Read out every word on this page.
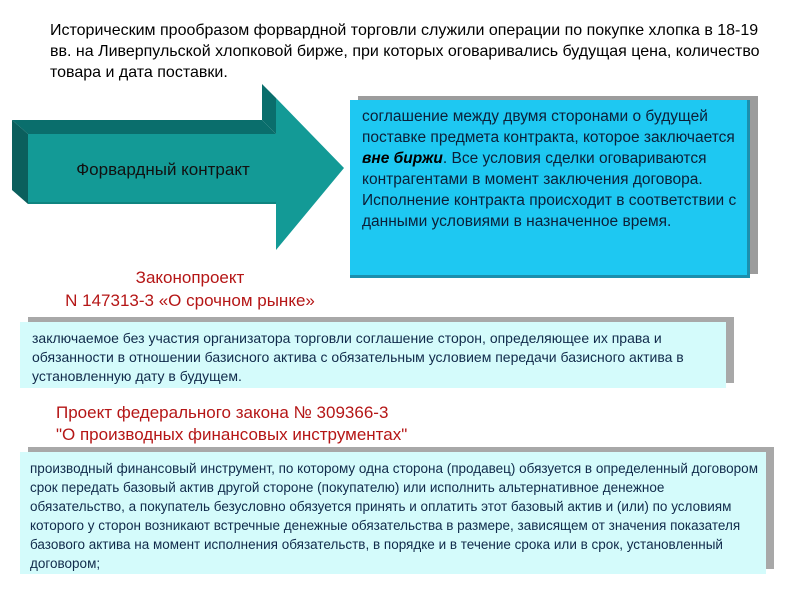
Историческим прообразом форвардной торговли служили операции по покупке хлопка в 18-19 вв. на Ливерпульской хлопковой бирже, при которых оговаривались будущая цена, количество товара и дата поставки.
Форвардный контракт
соглашение между двумя сторонами о будущей поставке предмета контракта, которое заключается вне биржи. Все условия сделки оговариваются контрагентами в момент заключения договора. Исполнение контракта происходит в соответствии с данными условиями в назначенное время.
Законопроект
N 147313-3 «О срочном рынке»
заключаемое без участия организатора торговли соглашение сторон, определяющее их права и обязанности в отношении базисного актива с обязательным условием передачи базисного актива в установленную дату в будущем.
Проект федерального закона № 309366-3
"О производных финансовых инструментах"
производный финансовый инструмент, по которому одна сторона (продавец) обязуется в определенный договором срок передать базовый актив другой стороне (покупателю) или исполнить альтернативное денежное обязательство, а покупатель безусловно обязуется принять и оплатить этот базовый актив и (или) по условиям которого у сторон возникают встречные денежные обязательства в размере, зависящем от значения показателя базового актива на момент исполнения обязательств, в порядке и в течение срока или в срок, установленный договором;
